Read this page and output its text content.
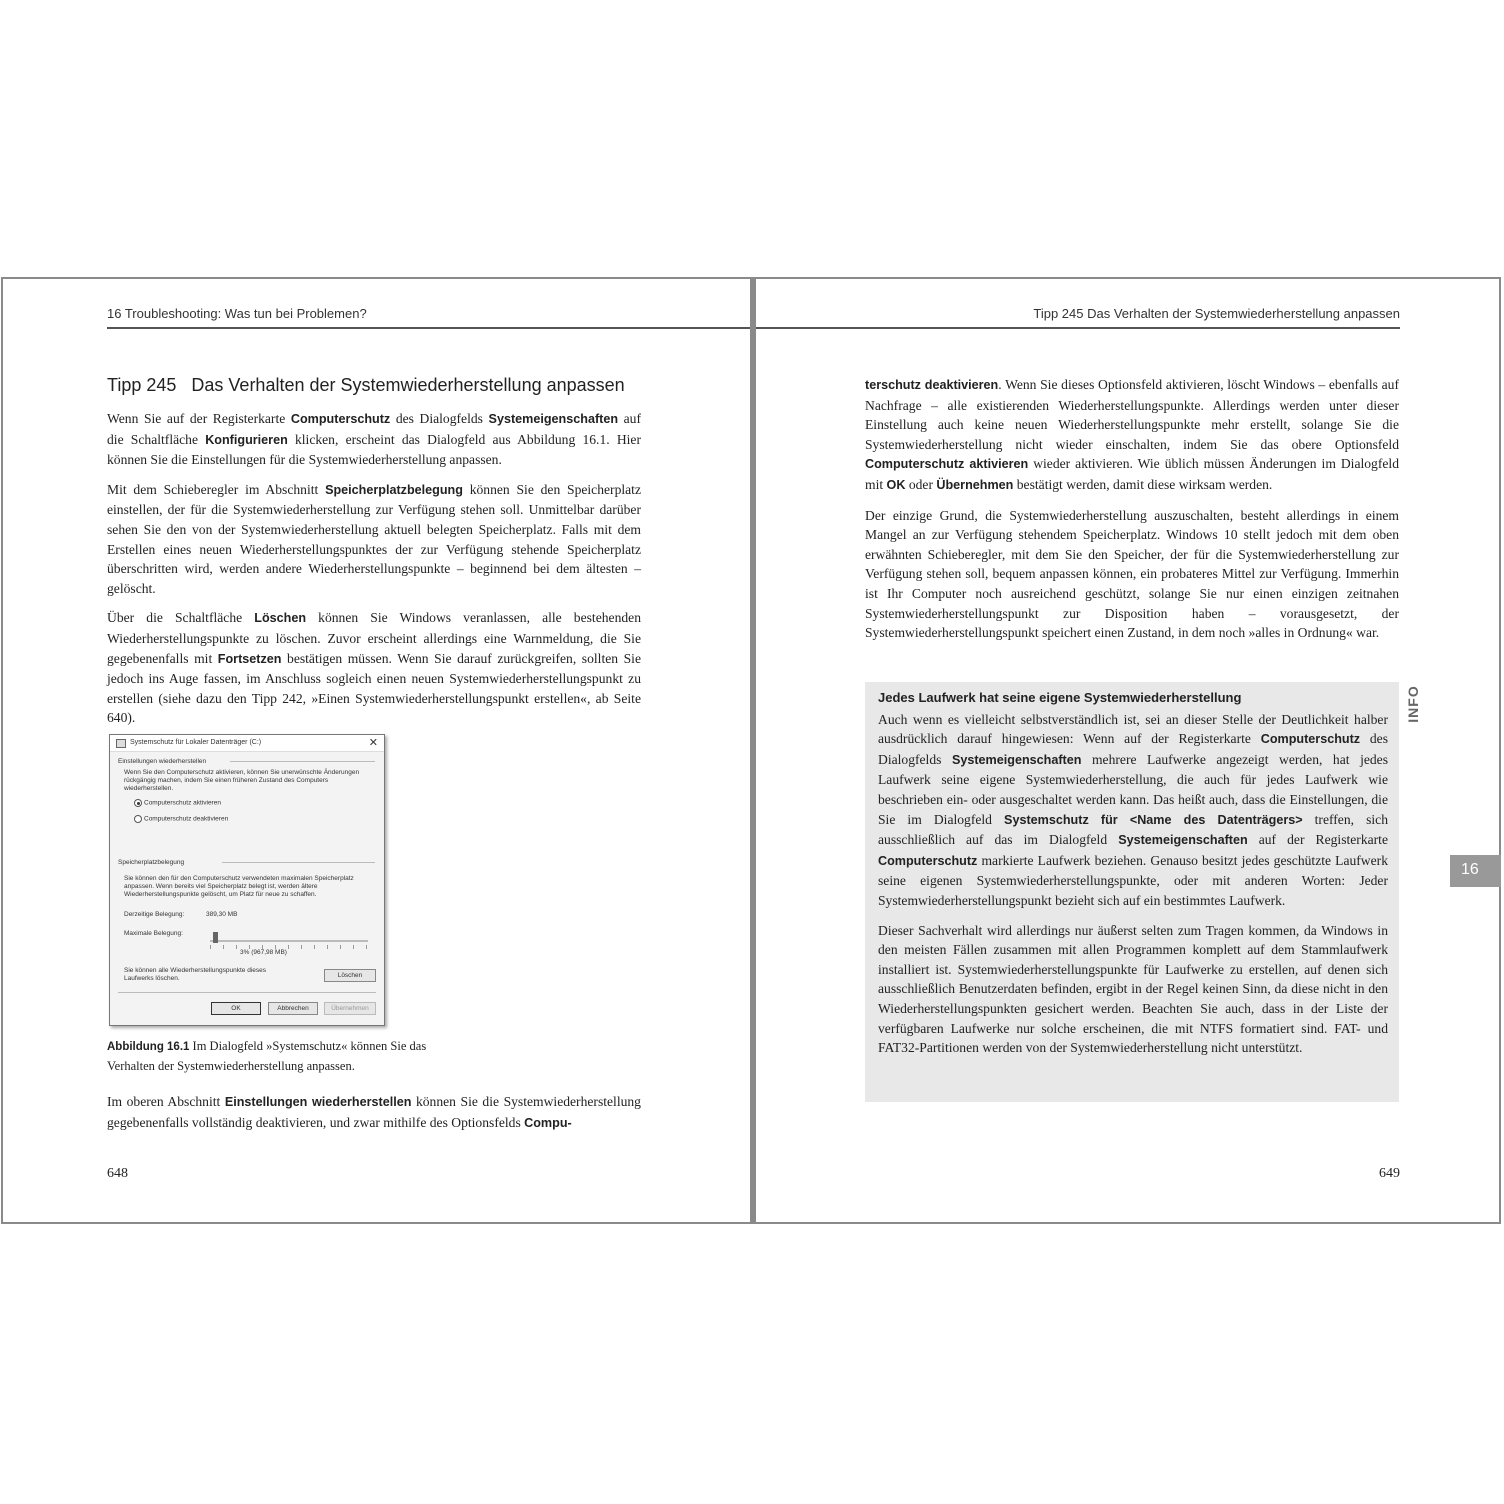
16 Troubleshooting: Was tun bei Problemen?
Tipp 245 Das Verhalten der Systemwiederherstellung anpassen

Wenn Sie auf der Registerkarte Computerschutz des Dialogfelds Systemeigenschaften auf die Schaltfläche Konfigurieren klicken, erscheint das Dialogfeld aus Abbildung 16.1. Hier können Sie die Einstellungen für die Systemwiederherstellung anpassen.

Mit dem Schieberegler im Abschnitt Speicherplatzbelegung können Sie den Speicherplatz einstellen, der für die Systemwiederherstellung zur Verfügung stehen soll. Unmittelbar darüber sehen Sie den von der Systemwiederherstellung aktuell belegten Speicherplatz. Falls mit dem Erstellen eines neuen Wiederherstellungspunktes der zur Verfügung stehende Speicherplatz überschritten wird, werden andere Wiederherstellungspunkte – beginnend bei dem ältesten – gelöscht.

Über die Schaltfläche Löschen können Sie Windows veranlassen, alle bestehenden Wiederherstellungspunkte zu löschen. Zuvor erscheint allerdings eine Warnmeldung, die Sie gegebenenfalls mit Fortsetzen bestätigen müssen. Wenn Sie darauf zurückgreifen, sollten Sie jedoch ins Auge fassen, im Anschluss sogleich einen neuen Systemwiederherstellungspunkt zu erstellen (siehe dazu den Tipp 242, »Einen Systemwiederherstellungspunkt erstellen«, ab Seite 640).

Systemschutz für Lokaler Datenträger (C:)	✕
Einstellungen wiederherstellen
Wenn Sie den Computerschutz aktivieren, können Sie unerwünschte Änderungen
rückgängig machen, indem Sie einen früheren Zustand des Computers
wiederherstellen.
Computerschutz aktivieren
Computerschutz deaktivieren
Speicherplatzbelegung
Sie können den für den Computerschutz verwendeten maximalen Speicherplatz
anpassen. Wenn bereits viel Speicherplatz belegt ist, werden ältere
Wiederherstellungspunkte gelöscht, um Platz für neue zu schaffen.
Derzeitige Belegung:	389,30 MB
Maximale Belegung:
3% (967,98 MB)
Sie können alle Wiederherstellungspunkte dieses
Laufwerks löschen.	Löschen
OK	Abbrechen	Übernehmen
Abbildung 16.1 Im Dialogfeld »Systemschutz« können Sie das Verhalten der Systemwiederherstellung anpassen.

Im oberen Abschnitt Einstellungen wiederherstellen können Sie die Systemwiederherstellung gegebenenfalls vollständig deaktivieren, und zwar mithilfe des Optionsfelds Compu-

648
Tipp 245 Das Verhalten der Systemwiederherstellung anpassen

terschutz deaktivieren. Wenn Sie dieses Optionsfeld aktivieren, löscht Windows – ebenfalls auf Nachfrage – alle existierenden Wiederherstellungspunkte. Allerdings werden unter dieser Einstellung auch keine neuen Wiederherstellungspunkte mehr erstellt, solange Sie die Systemwiederherstellung nicht wieder einschalten, indem Sie das obere Optionsfeld Computerschutz aktivieren wieder aktivieren. Wie üblich müssen Änderungen im Dialogfeld mit OK oder Übernehmen bestätigt werden, damit diese wirksam werden.

Der einzige Grund, die Systemwiederherstellung auszuschalten, besteht allerdings in einem Mangel an zur Verfügung stehendem Speicherplatz. Windows 10 stellt jedoch mit dem oben erwähnten Schieberegler, mit dem Sie den Speicher, der für die Systemwiederherstellung zur Verfügung stehen soll, bequem anpassen können, ein probateres Mittel zur Verfügung. Immerhin ist Ihr Computer noch ausreichend geschützt, solange Sie nur einen einzigen zeitnahen Systemwiederherstellungspunkt zur Disposition haben – vorausgesetzt, der Systemwiederherstellungspunkt speichert einen Zustand, in dem noch »alles in Ordnung« war.

Jedes Laufwerk hat seine eigene Systemwiederherstellung

Auch wenn es vielleicht selbstverständlich ist, sei an dieser Stelle der Deutlichkeit halber ausdrücklich darauf hingewiesen: Wenn auf der Registerkarte Computerschutz des Dialogfelds Systemeigenschaften mehrere Laufwerke angezeigt werden, hat jedes Laufwerk seine eigene Systemwiederherstellung, die auch für jedes Laufwerk wie beschrieben ein- oder ausgeschaltet werden kann. Das heißt auch, dass die Einstellungen, die Sie im Dialogfeld Systemschutz für <Name des Datenträgers> treffen, sich ausschließlich auf das im Dialogfeld Systemeigenschaften auf der Registerkarte Computerschutz markierte Laufwerk beziehen. Genauso besitzt jedes geschützte Laufwerk seine eigenen Systemwiederherstellungspunkte, oder mit anderen Worten: Jeder Systemwiederherstellungspunkt bezieht sich auf ein bestimmtes Laufwerk.

Dieser Sachverhalt wird allerdings nur äußerst selten zum Tragen kommen, da Windows in den meisten Fällen zusammen mit allen Programmen komplett auf dem Stammlaufwerk installiert ist. Systemwiederherstellungspunkte für Laufwerke zu erstellen, auf denen sich ausschließlich Benutzerdaten befinden, ergibt in der Regel keinen Sinn, da diese nicht in den Wiederherstellungspunkten gesichert werden. Beachten Sie auch, dass in der Liste der verfügbaren Laufwerke nur solche erscheinen, die mit NTFS formatiert sind. FAT- und FAT32-Partitionen werden von der Systemwiederherstellung nicht unterstützt.

INFO
16
649
